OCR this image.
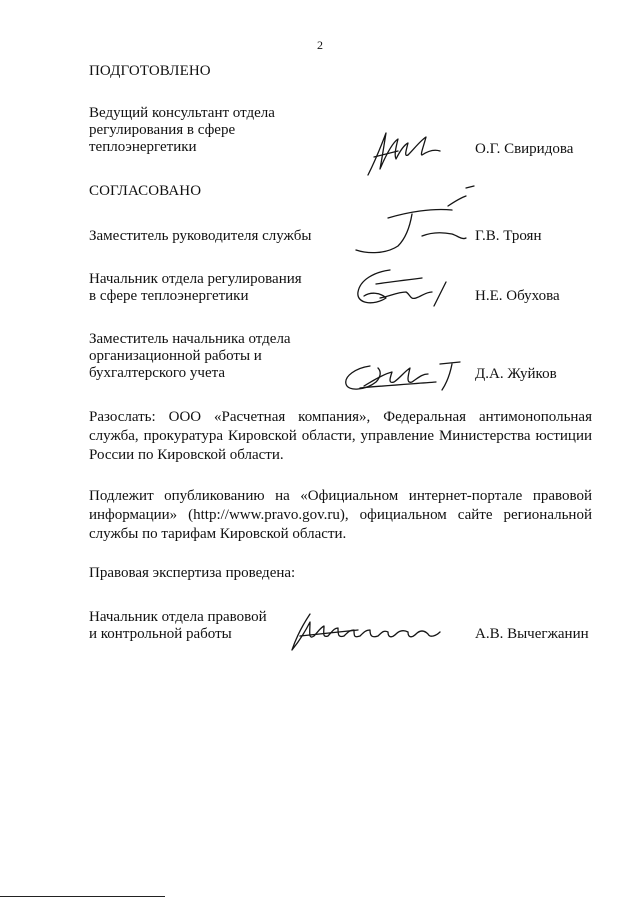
2
ПОДГОТОВЛЕНО
Ведущий консультант отдела
регулирования в сфере
теплоэнергетики	О.Г. Свиридова
СОГЛАСОВАНО
Заместитель руководителя службы	Г.В. Троян
Начальник отдела регулирования
в сфере теплоэнергетики	Н.Е. Обухова
Заместитель начальника отдела
организационной работы и
бухгалтерского учета	Д.А. Жуйков
Разослать: ООО «Расчетная компания», Федеральная антимонопольная служба, прокуратура Кировской области, управление Министерства юстиции России по Кировской области.
Подлежит опубликованию на «Официальном интернет-портале правовой информации» (http://www.pravo.gov.ru), официальном сайте региональной службы по тарифам Кировской области.
Правовая экспертиза проведена:
Начальник отдела правовой
и контрольной работы	А.В. Вычегжанин
